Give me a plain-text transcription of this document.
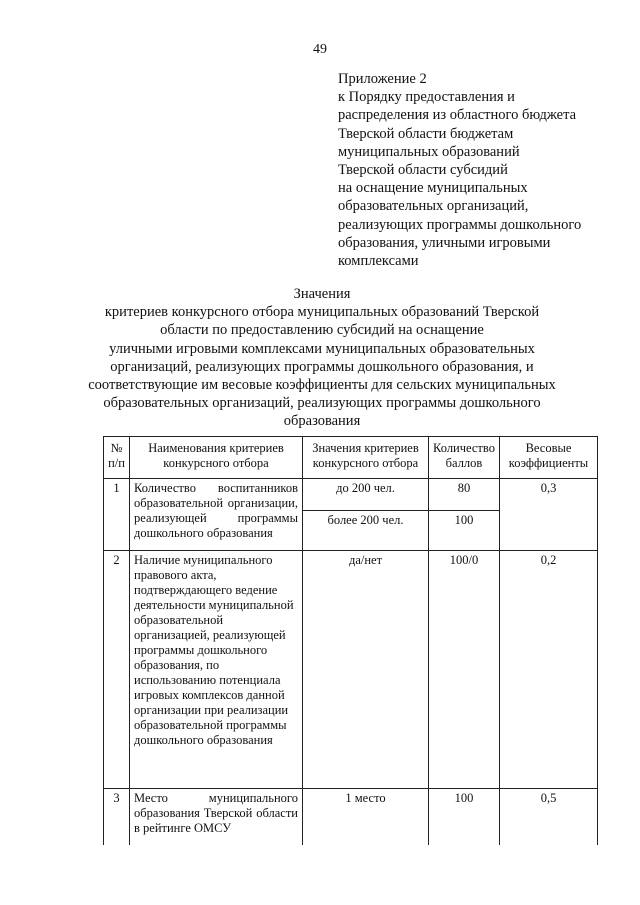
49
Приложение 2
к Порядку предоставления и
распределения из областного бюджета
Тверской области бюджетам
муниципальных образований
Тверской области субсидий
на оснащение муниципальных
образовательных организаций,
реализующих программы дошкольного
образования, уличными игровыми
комплексами
Значения
критериев конкурсного отбора муниципальных образований Тверской
области по предоставлению субсидий на оснащение
уличными игровыми комплексами муниципальных образовательных
организаций, реализующих программы дошкольного образования, и
соответствующие им весовые коэффициенты для сельских муниципальных
образовательных организаций, реализующих программы дошкольного
образования
№ п/п	Наименования критериев конкурсного отбора	Значения критериев конкурсного отбора	Количество баллов	Весовые коэффициенты
1	Количество воспитанников образовательной организации, реализующей программы дошкольного образования	до 200 чел.	80	0,3
		более 200 чел.	100	
2	Наличие муниципального правового акта, подтверждающего ведение деятельности муниципальной образовательной организацией, реализующей программы дошкольного образования, по использованию потенциала игровых комплексов данной организации при реализации образовательной программы дошкольного образования	да/нет	100/0	0,2
3	Место муниципального образования Тверской области в рейтинге ОМСУ	1 место	100	0,5
